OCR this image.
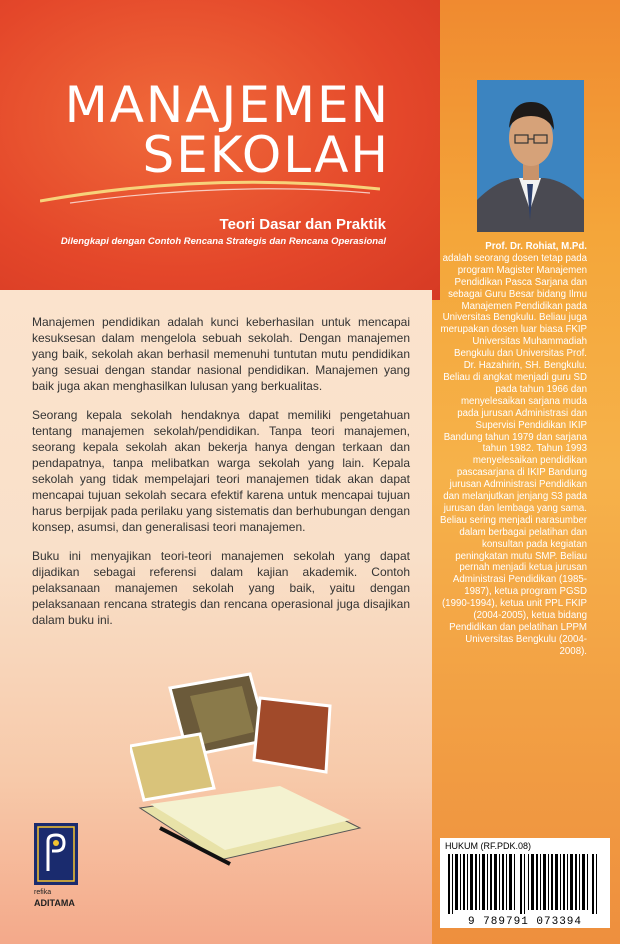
MANAJEMEN
SEKOLAH
Teori Dasar dan Praktik
Dilengkapi dengan Contoh Rencana Strategis dan Rencana Operasional

Manajemen pendidikan adalah kunci keberhasilan untuk mencapai kesuksesan dalam mengelola sebuah sekolah. Dengan manajemen yang baik, sekolah akan berhasil memenuhi tuntutan mutu pendidikan yang sesuai dengan standar nasional pendidikan. Manajemen yang baik juga akan menghasilkan lulusan yang berkualitas.

Seorang kepala sekolah hendaknya dapat memiliki pengetahuan tentang manajemen sekolah/pendidikan. Tanpa teori manajemen, seorang kepala sekolah akan bekerja hanya dengan terkaan dan pendapatnya, tanpa melibatkan warga sekolah yang lain. Kepala sekolah yang tidak mempelajari teori manajemen tidak akan dapat mencapai tujuan sekolah secara efektif karena untuk mencapai tujuan harus berpijak pada perilaku yang sistematis dan berhubungan dengan konsep, asumsi, dan generalisasi teori manajemen.

Buku ini menyajikan teori-teori manajemen sekolah yang dapat dijadikan sebagai referensi dalam kajian akademik. Contoh pelaksanaan manajemen sekolah yang baik, yaitu dengan pelaksanaan rencana strategis dan rencana operasional juga disajikan dalam buku ini.

Prof. Dr. Rohiat, M.Pd.

adalah seorang dosen tetap pada program Magister Manajemen Pendidikan Pasca Sarjana dan sebagai Guru Besar bidang Ilmu Manajemen Pendidikan pada Universitas Bengkulu. Beliau juga merupakan dosen luar biasa FKIP Universitas Muhammadiah Bengkulu dan Universitas Prof. Dr. Hazahirin, SH. Bengkulu.

Beliau di angkat menjadi guru SD pada tahun 1966 dan menyelesaikan sarjana muda pada jurusan Administrasi dan Supervisi Pendidikan IKIP Bandung tahun 1979 dan sarjana tahun 1982. Tahun 1993 menyelesaikan pendidikan pascasarjana di IKIP Bandung jurusan Administrasi Pendidikan dan melanjutkan jenjang S3 pada jurusan dan lembaga yang sama.

Beliau sering menjadi narasumber dalam berbagai pelatihan dan konsultan pada kegiatan peningkatan mutu SMP. Beliau pernah menjadi ketua jurusan Administrasi Pendidikan (1985-1987), ketua program PGSD (1990-1994), ketua unit PPL FKIP (2004-2005), ketua bidang Pendidikan dan pelatihan LPPM Universitas Bengkulu (2004-2008).

refika
ADITAMA
HUKUM (RF.PDK.08)
9 789791 073394
